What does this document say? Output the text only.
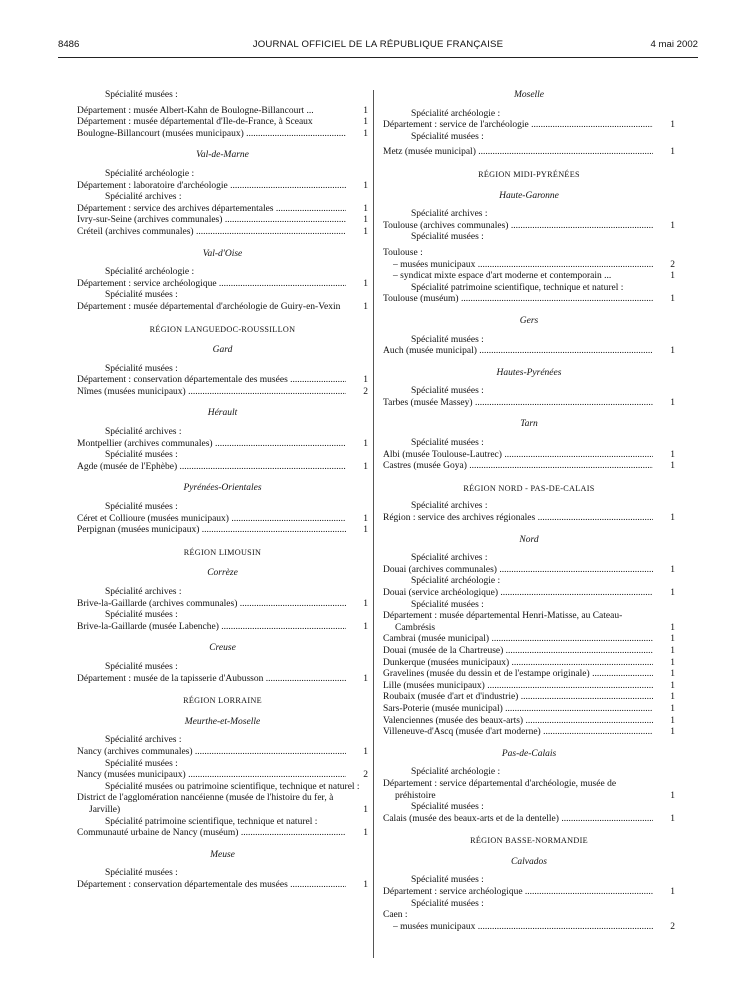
8486	JOURNAL OFFICIEL DE LA RÉPUBLIQUE FRANÇAISE	4 mai 2002
Spécialité musées :
Département : musée Albert-Kahn de Boulogne-Billancourt ...	1
Département : musée départemental d'Ile-de-France, à Sceaux	1
Boulogne-Billancourt (musées municipaux) .....	1
Val-de-Marne
Spécialité archéologie :
Département : laboratoire d'archéologie .....	1
Spécialité archives :
Département : service des archives départementales .....	1
Ivry-sur-Seine (archives communales) .....	1
Créteil (archives communales) .....	1
Val-d'Oise
Spécialité archéologie :
Département : service archéologique .....	1
Spécialité musées :
Département : musée départemental d'archéologie de Guiry-en-Vexin	1
RÉGION LANGUEDOC-ROUSSILLON
Gard
Spécialité musées :
Département : conservation départementale des musées .....	1
Nîmes (musées municipaux) .....	2
Hérault
Spécialité archives :
Montpellier (archives communales) .....	1
Spécialité musées :
Agde (musée de l'Ephèbe) .....	1
Pyrénées-Orientales
Spécialité musées :
Céret et Collioure (musées municipaux) .....	1
Perpignan (musées municipaux) .....	1
RÉGION LIMOUSIN
Corrèze
Spécialité archives :
Brive-la-Gaillarde (archives communales) .....	1
Spécialité musées :
Brive-la-Gaillarde (musée Labenche) .....	1
Creuse
Spécialité musées :
Département : musée de la tapisserie d'Aubusson .....	1
RÉGION LORRAINE
Meurthe-et-Moselle
Spécialité archives :
Nancy (archives communales) .....	1
Spécialité musées :
Nancy (musées municipaux) .....	2
Spécialité musées ou patrimoine scientifique, technique et naturel :
District de l'agglomération nancéienne (musée de l'histoire du fer, à Jarville)	1
Spécialité patrimoine scientifique, technique et naturel :
Communauté urbaine de Nancy (muséum) .....	1
Meuse
Spécialité musées :
Département : conservation départementale des musées .....	1
Moselle
Spécialité archéologie :
Département : service de l'archéologie .....	1
Spécialité musées :
Metz (musée municipal) .....	1
RÉGION MIDI-PYRÉNÉES
Haute-Garonne
Spécialité archives :
Toulouse (archives communales) .....	1
Spécialité musées :
Toulouse :
– musées municipaux .....	2
– syndicat mixte espace d'art moderne et contemporain ...	1
Spécialité patrimoine scientifique, technique et naturel :
Toulouse (muséum) .....	1
Gers
Spécialité musées :
Auch (musée municipal) .....	1
Hautes-Pyrénées
Spécialité musées :
Tarbes (musée Massey) .....	1
Tarn
Spécialité musées :
Albi (musée Toulouse-Lautrec) .....	1
Castres (musée Goya) .....	1
RÉGION NORD - PAS-DE-CALAIS
Spécialité archives :
Région : service des archives régionales .....	1
Nord
Spécialité archives :
Douai (archives communales) .....	1
Spécialité archéologie :
Douai (service archéologique) .....	1
Spécialité musées :
Département : musée départemental Henri-Matisse, au Cateau-Cambrésis	1
Cambrai (musée municipal) .....	1
Douai (musée de la Chartreuse) .....	1
Dunkerque (musées municipaux) .....	1
Gravelines (musée du dessin et de l'estampe originale) .....	1
Lille (musées municipaux) .....	1
Roubaix (musée d'art et d'industrie) .....	1
Sars-Poterie (musée municipal) .....	1
Valenciennes (musée des beaux-arts) .....	1
Villeneuve-d'Ascq (musée d'art moderne) .....	1
Pas-de-Calais
Spécialité archéologie :
Département : service départemental d'archéologie, musée de préhistoire	1
Spécialité musées :
Calais (musée des beaux-arts et de la dentelle) .....	1
RÉGION BASSE-NORMANDIE
Calvados
Spécialité musées :
Département : service archéologique .....	1
Spécialité musées :
Caen :
– musées municipaux .....	2
